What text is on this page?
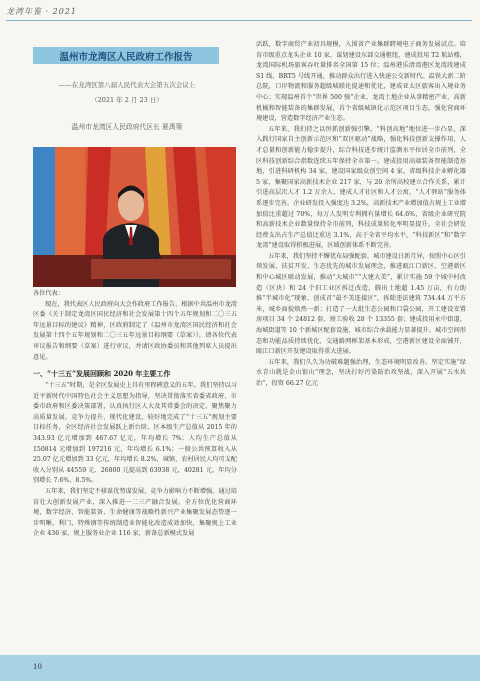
龙湾年鉴 · 2021
温州市龙湾区人民政府工作报告
——在龙湾区第八届人民代表大会第五次会议上
（2021 年 2 月 23 日）
温州市龙湾区人民政府代区长 夏禹策

各位代表：

现在，我代表区人民政府向大会作政府工作报告，根据中共温州市龙湾区委《关于制定龙湾区国民经济和社会发展第十四个五年规划和二〇三五年远景目标的建议》精神，区政府制定了《温州市龙湾区国民经济和社会发展第十四个五年规划和二〇三五年远景目标纲要（草案）》，请各位代表审议报告和纲要（草案）进行审议，并请区政协委员和其他列席人员提出意见。

一、“十三五”发展回顾和 2020 年主要工作

“十三五”时期，是全区发展史上具有里程碑意义的五年。我们坚持以习近平新时代中国特色社会主义思想为指导，坚决贯彻落实省委省政府、市委市政府和区委决策部署，认真执行区人大及其常委会的决定，聚焦聚力高质量发展，竞争力提升、现代化建设，较好地完成了“十三五”规划主要目标任务，全区经济社会发展跃上新台阶。区本级生产总值从 2015 年的 343.93 亿元增加到 467.67 亿元，年均增长 7%；人均生产总值从 150814 元增加到 197216 元，年均增长 6.1%；一般公共预算收入从 25.07 亿元增加到 33 亿元，年均增长 8.2%，城镇、农村居民人均可支配收入分别从 44559 元、26800 元提高到 63938 元、40281 元，年均分别增长 7.6%、8.5%。

五年来，我们坚定不移谋优势谋发展，竞争力影响力不断增强。通过培育壮大创新发展产业，深入推进一二三产融合发展，全方位优化营商环境，数字经济、智能装备、生命健康等战略性新兴产业集聚发展态势逐一步明晰，利门、特殊钢等传统制造业智能化改造成效加快，集聚规上工业企业 436 家、规上服务业企业 116 家，新备总新模式发展

活跃，数字商贸产业初具规模，入围省产业集群跨境电子商务发展试点。培育市级重点龙头企业 10 家，谋划建设东部交通枢纽，建成投用 T2 航站楼，龙湾国际机场旅客吞吐量排名全国第 15 位；温州港乐清湾港区龙湾段建成 S1 线、BRT5 号线开通，推动群众出行进入快速公交新时代。温铁大新二阶总院，口岸物流和服务超级城联化提速和优化，建成亚太区旅客出入境业务中心；实现温州首个“世界 500 强”企业，龙湾土地企业从事精密产业、高新机械和智能装备的集群发展，首个省级城镇化示范区项目生态，强化营商环境建设，营造数字经济产业生态。

五年来，我们持之以恒抓创新强引擎，“科创高地”地位进一步凸显，深入践行国家自主创新示范区和“双区驱动”战略，强化科技创新支撑作用，人才总量和创新能力稳步提升，综合科技进步统计监测水平位居全市前列，全区科技创新综合指数连续五年保持全市第一。建成投用高端装备智能制造基地，引进科研机构 34 家，建设国家级众创空间 4 家、省级科技企业孵化器 5 家，集聚国家高新技术企业 217 家，与 20 余所高校建立合作关系，累计引进高层次人才 1.2 万余人、建成人才社区和人才公寓，“人才驿站”服务体系逐步完善。企业研发投入强度达 3.2%，高新技术产业增加值占规上工业增加值比重超过 70%，每万人发明专利拥有量增长 64.6%，省级企业研究院和高新技术企业数量保持全市前列，科技成果转化率明显提升，全社会研发经费支出占生产总值比重达 3.1%，高于全省平均水平，“科技新区”和“数字龙湾”建设取得积极进展，区域创新体系不断完善。

五年来，我们坚持不懈优布局强配套，城市建设日新月异，按照中心区引领发展、扶贫开发、生态优先的城市发展理念，推进瓯江口新区、空港新区和中心城区联动发展，推动“大城市”“大建大美”，累计实施 59 个城中村改造（区块）和 24 个旧工业区拆迁改造，腾出土地超 1.45 万亩，有力助推“半城市化”现象、创成首“最不美连接区”，拆除违法建筑 734.44 万平方米，城乡面貌焕然一新；打造了一大批生态公园和口袋公园，开工建设安置房项目 34 个 24812 套，竣工验收 28 个 13355 套；建成投用永中街道、海城街道等 10 个新城区配套设施，城市综合承载能力显著提升，城市空间形态和功能品质持续优化，交通路网框架基本形成，空港新区建设全面铺开，瓯江口新区开发建设取得重大进展。

五年来，我们久久为功破难题强治理，生态环境明显改善。坚定实施“绿水青山就是金山银山”理念，坚决打好污染防治攻坚战，深入开展“五水共治”，投资 66.27 亿元

10
